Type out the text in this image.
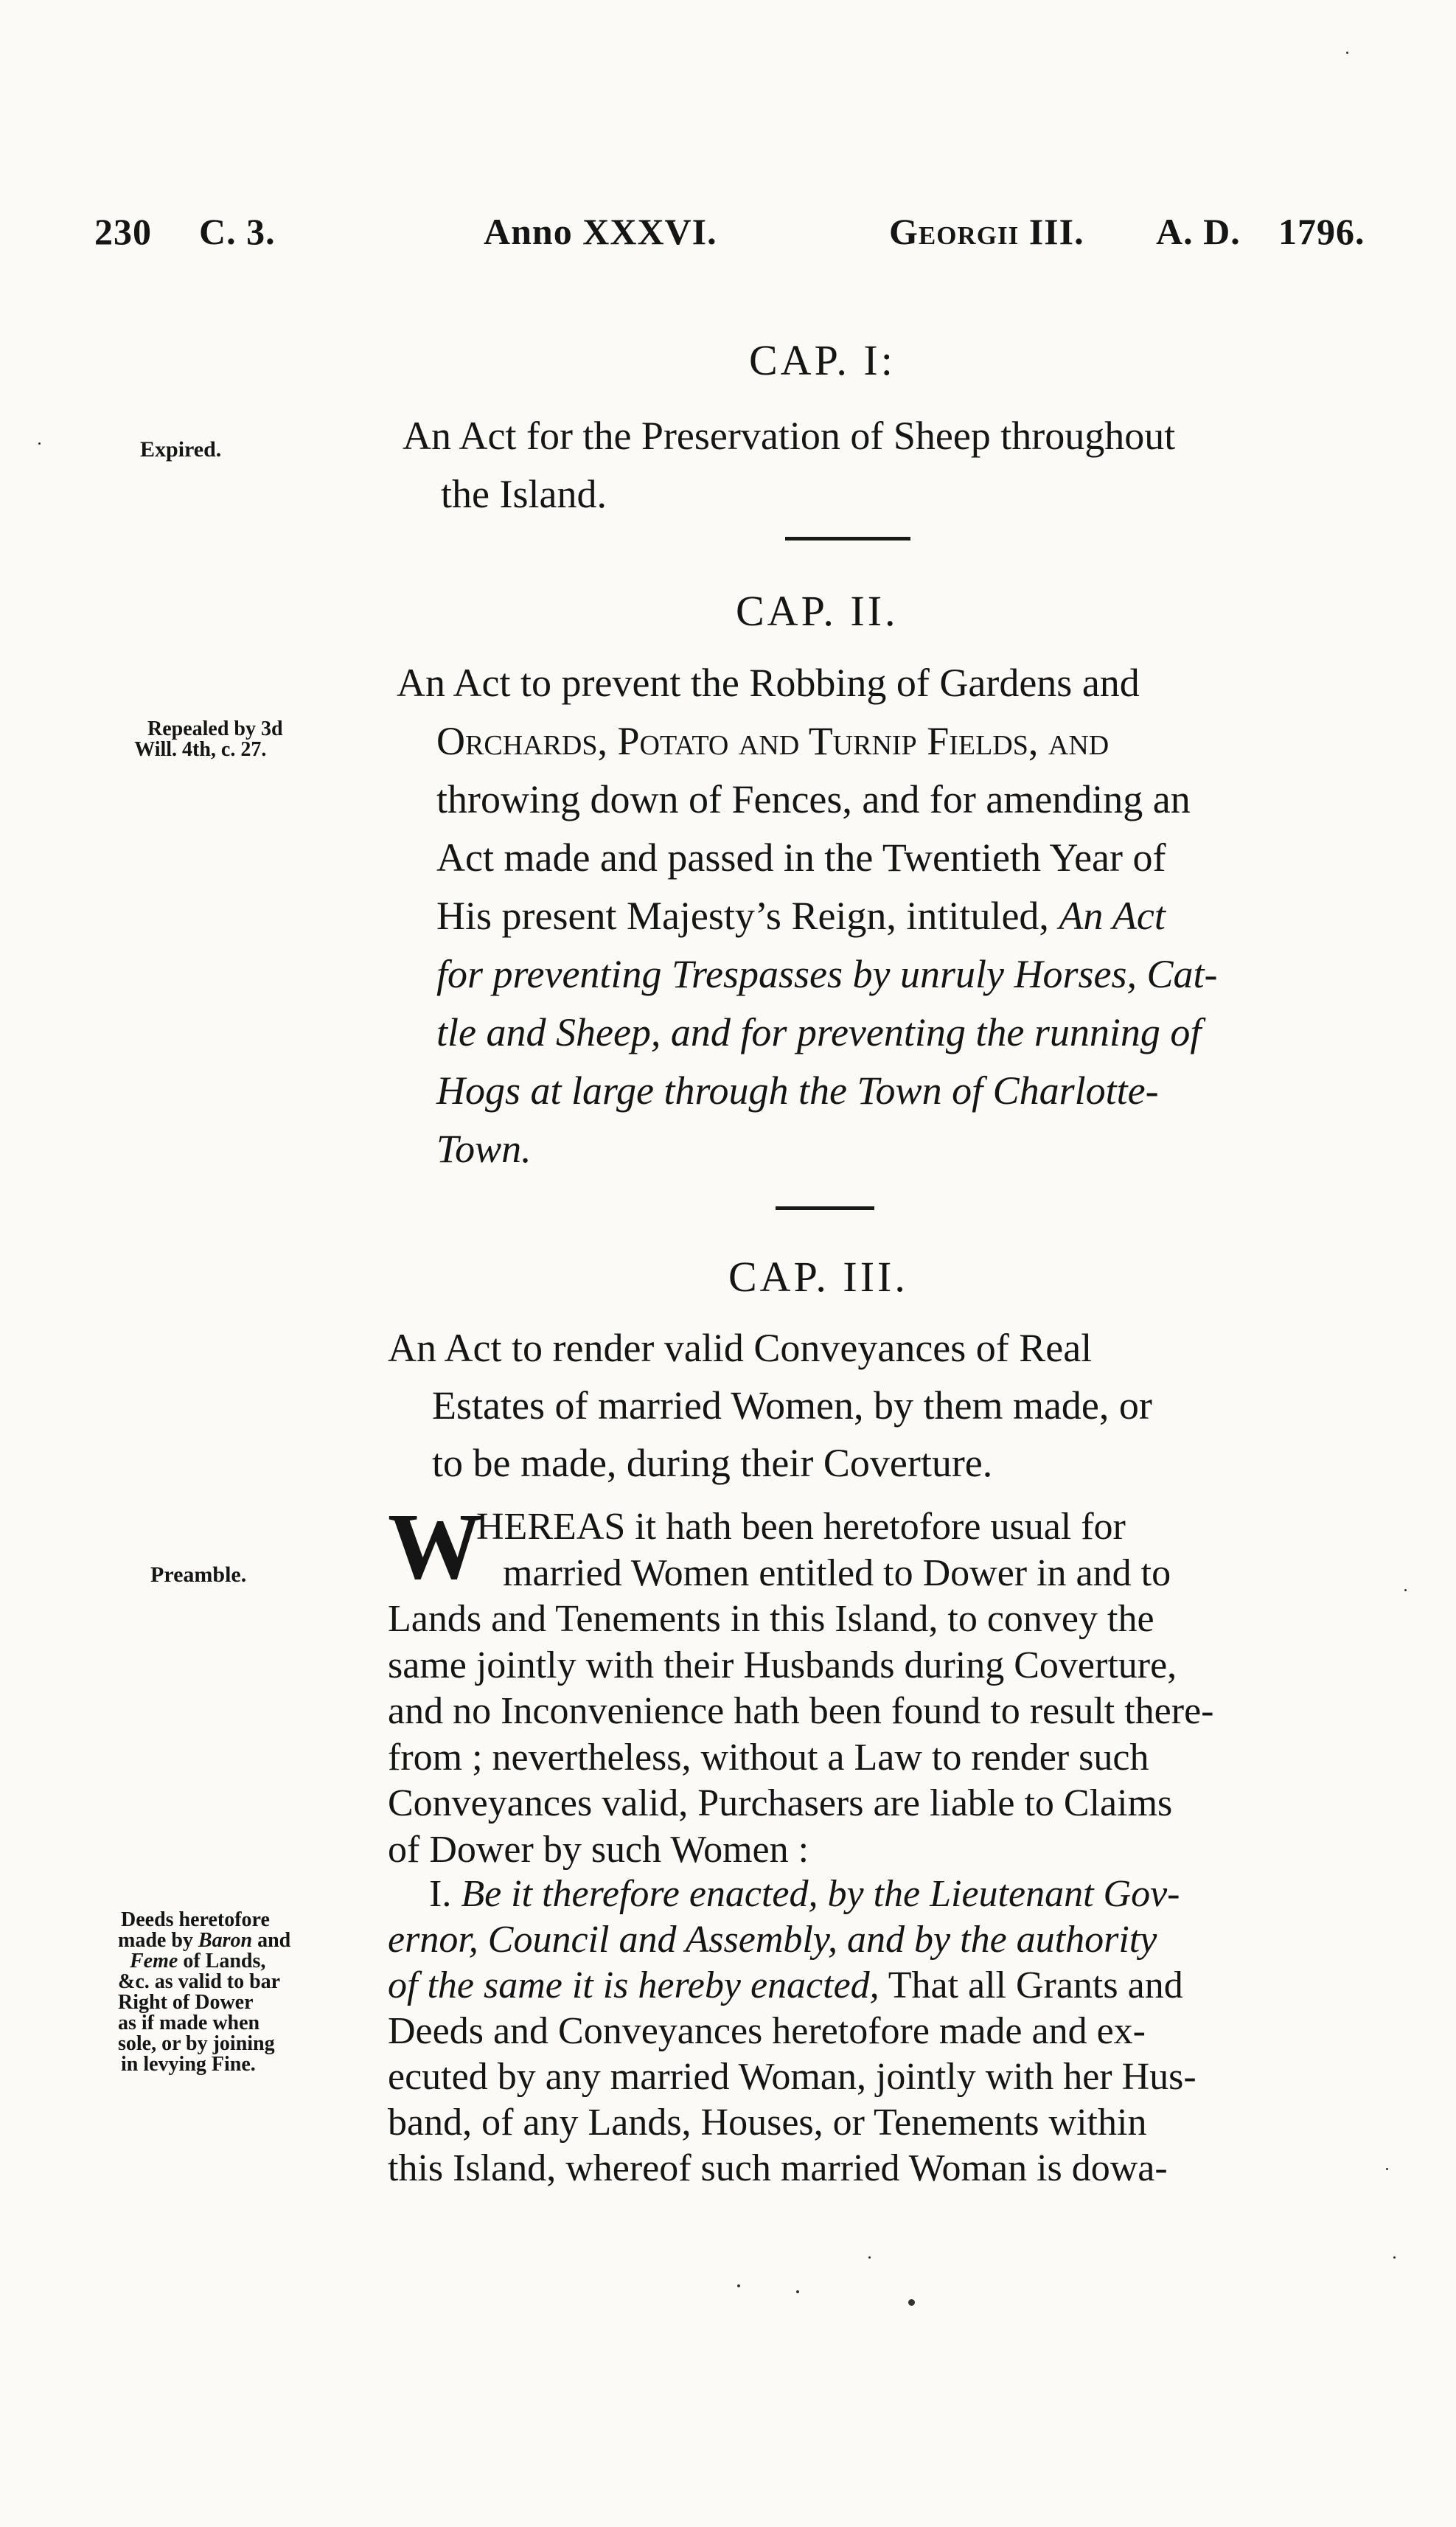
230 C. 3.	Anno XXXVI.	Georgii III. A. D. 1796.
CAP. I:
Expired.	An Act for the Preservation of Sheep throughout
the Island.
CAP. II.
Repealed by 3d
Will. 4th, c. 27.
An Act to prevent the Robbing of Gardens and
Orchards, Potato and Turnip Fields, and
throwing down of Fences, and for amending an
Act made and passed in the Twentieth Year of
His present Majesty’s Reign, intituled, An Act
for preventing Trespasses by unruly Horses, Cat-
tle and Sheep, and for preventing the running of
Hogs at large through the Town of Charlotte-
Town.
CAP. III.
An Act to render valid Conveyances of Real
Estates of married Women, by them made, or
to be made, during their Coverture.
Preamble. W
HEREAS it hath been heretofore usual for
married Women entitled to Dower in and to
Lands and Tenements in this Island, to convey the
same jointly with their Husbands during Coverture,
and no Inconvenience hath been found to result there-
from ; nevertheless, without a Law to render such
Conveyances valid, Purchasers are liable to Claims
of Dower by such Women :
Deeds heretofore
made by Baron and
Feme of Lands,
&c. as valid to bar
Right of Dower
as if made when
sole, or by joining
in levying Fine.
I. Be it therefore enacted, by the Lieutenant Gov-
ernor, Council and Assembly, and by the authority
of the same it is hereby enacted, That all Grants and
Deeds and Conveyances heretofore made and ex-
ecuted by any married Woman, jointly with her Hus-
band, of any Lands, Houses, or Tenements within
this Island, whereof such married Woman is dowa-
